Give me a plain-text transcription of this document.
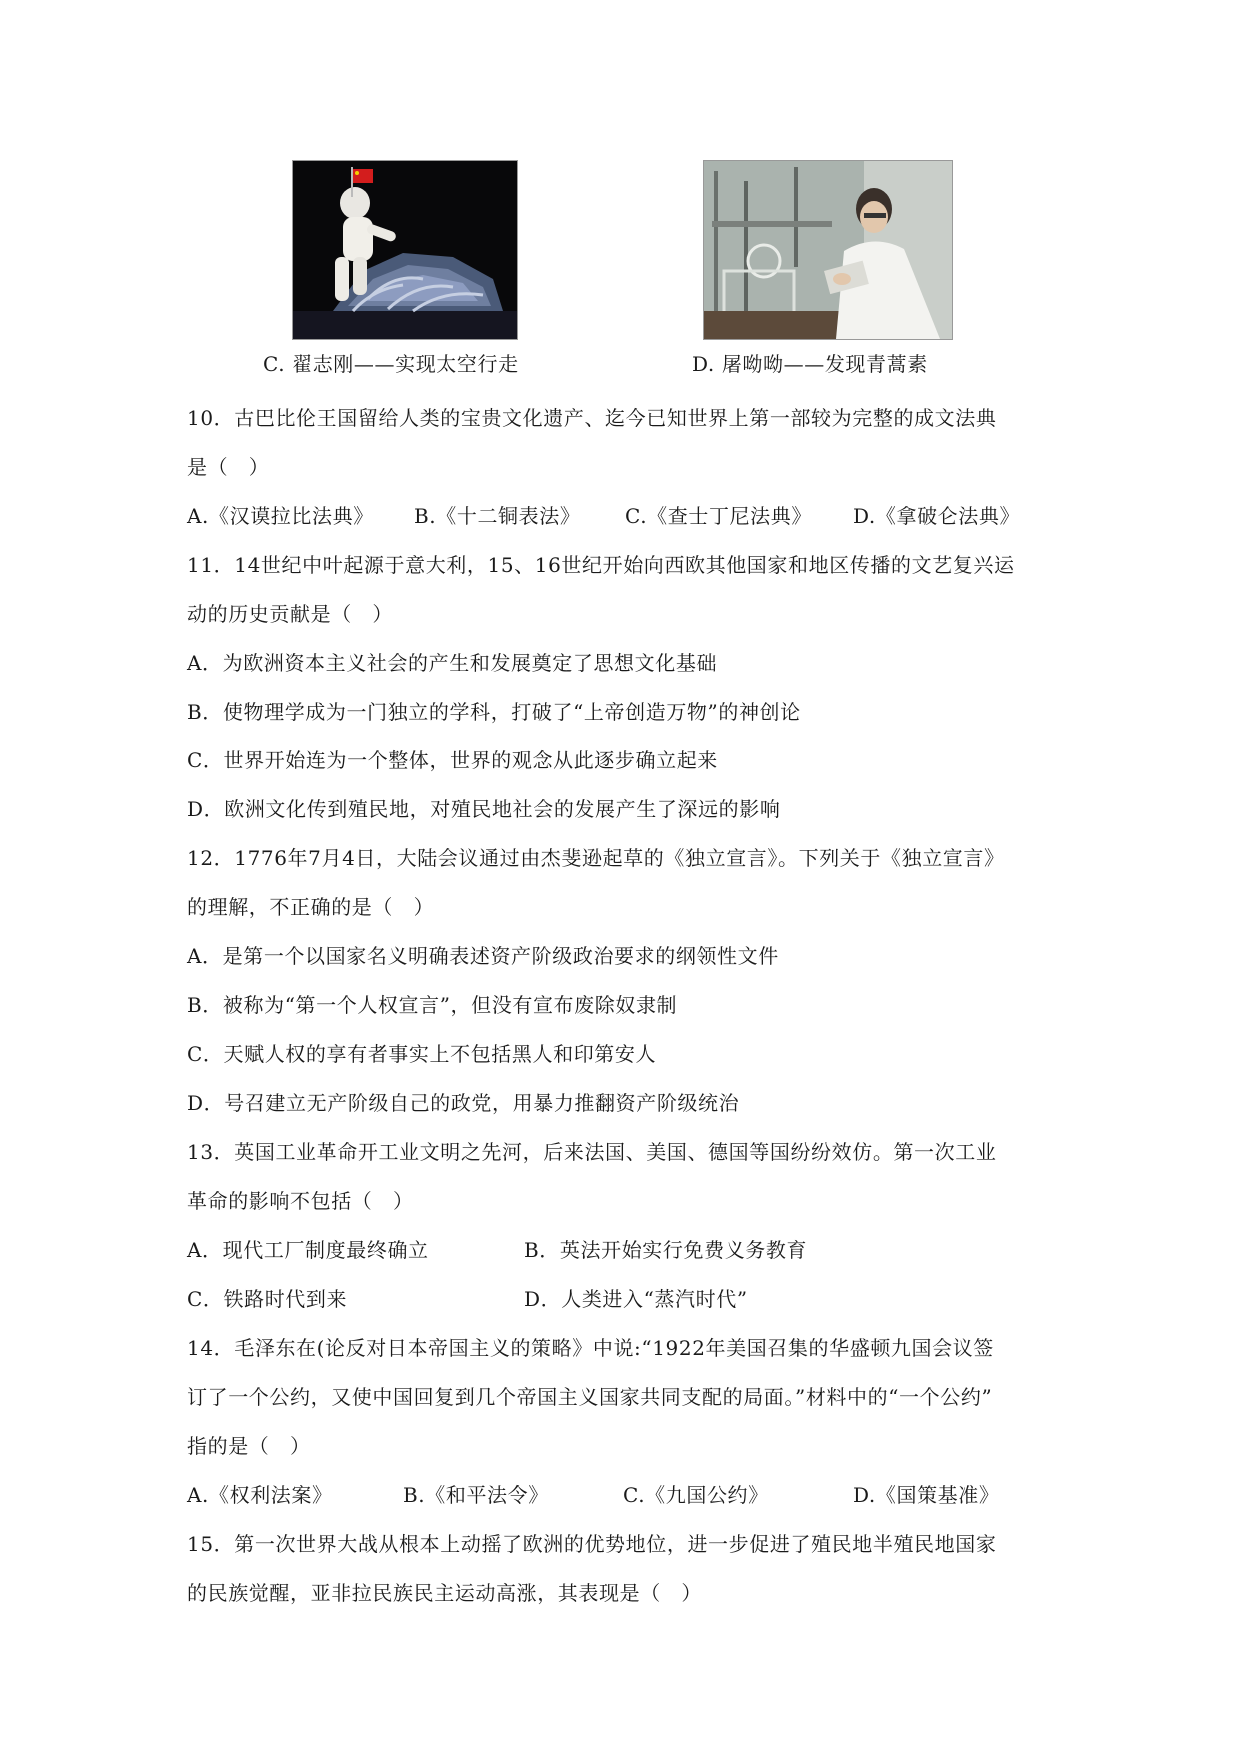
C. 翟志刚——实现太空行走	D. 屠呦呦——发现青蒿素
10．古巴比伦王国留给人类的宝贵文化遗产、迄今已知世界上第一部较为完整的成文法典
是（　）
A.《汉谟拉比法典》 B.《十二铜表法》 C.《查士丁尼法典》 D.《拿破仑法典》
11．14世纪中叶起源于意大利，15、16世纪开始向西欧其他国家和地区传播的文艺复兴运
动的历史贡献是（　）
A．为欧洲资本主义社会的产生和发展奠定了思想文化基础
B．使物理学成为一门独立的学科，打破了“上帝创造万物”的神创论
C．世界开始连为一个整体，世界的观念从此逐步确立起来
D．欧洲文化传到殖民地，对殖民地社会的发展产生了深远的影响
12．1776年7月4日，大陆会议通过由杰斐逊起草的《独立宣言》。下列关于《独立宣言》
的理解，不正确的是（　）
A．是第一个以国家名义明确表述资产阶级政治要求的纲领性文件
B．被称为“第一个人权宣言”，但没有宣布废除奴隶制
C．天赋人权的享有者事实上不包括黑人和印第安人
D．号召建立无产阶级自己的政党，用暴力推翻资产阶级统治
13．英国工业革命开工业文明之先河，后来法国、美国、德国等国纷纷效仿。第一次工业
革命的影响不包括（　）
A．现代工厂制度最终确立	B．英法开始实行免费义务教育
C．铁路时代到来	D．人类进入“蒸汽时代”
14．毛泽东在(论反对日本帝国主义的策略》中说:“1922年美国召集的华盛顿九国会议签
订了一个公约，又使中国回复到几个帝国主义国家共同支配的局面。”材料中的“一个公约”
指的是（　）
A.《权利法案》	B.《和平法令》	C.《九国公约》	D.《国策基准》
15．第一次世界大战从根本上动摇了欧洲的优势地位，进一步促进了殖民地半殖民地国家
的民族觉醒，亚非拉民族民主运动高涨，其表现是（　）
